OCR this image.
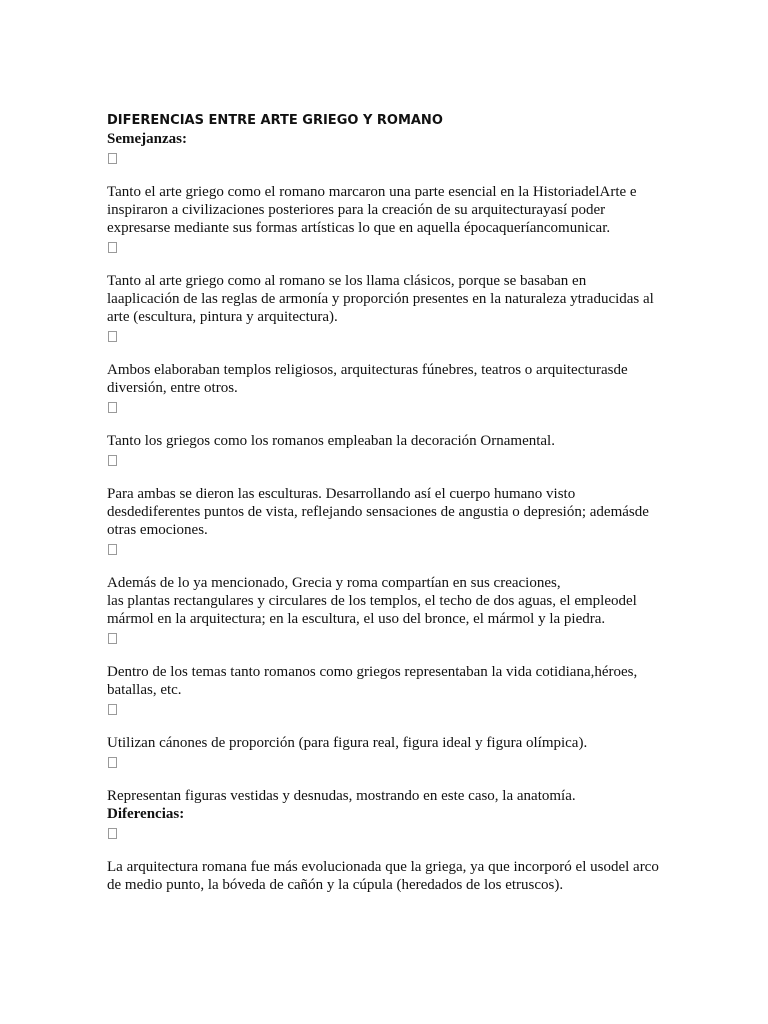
DIFERENCIAS ENTRE ARTE GRIEGO Y ROMANO

Semejanzas:

Tanto el arte griego como el romano marcaron una parte esencial en la HistoriadelArte e

inspiraron a civilizaciones posteriores para la creación de su arquitecturayasí poder

expresarse mediante sus formas artísticas lo que en aquella épocaqueríancomunicar.

Tanto al arte griego como al romano se los llama clásicos, porque se basaban en

laaplicación de las reglas de armonía y proporción presentes en la naturaleza ytraducidas al

arte (escultura, pintura y arquitectura).

Ambos elaboraban templos religiosos, arquitecturas fúnebres, teatros o arquitecturasde

diversión, entre otros.

Tanto los griegos como los romanos empleaban la decoración Ornamental.

Para ambas se dieron las esculturas. Desarrollando así el cuerpo humano visto

desdediferentes puntos de vista, reflejando sensaciones de angustia o depresión; ademásde

otras emociones.

Además de lo ya mencionado, Grecia y roma compartían en sus creaciones,

las plantas rectangulares y circulares de los templos, el techo de dos aguas, el empleodel

mármol en la arquitectura; en la escultura, el uso del bronce, el mármol y la piedra.

Dentro de los temas tanto romanos como griegos representaban la vida cotidiana,héroes,

batallas, etc.

Utilizan cánones de proporción (para figura real, figura ideal y figura olímpica).

Representan figuras vestidas y desnudas, mostrando en este caso, la anatomía.

Diferencias:

La arquitectura romana fue más evolucionada que la griega, ya que incorporó el usodel arco

de medio punto, la bóveda de cañón y la cúpula (heredados de los etruscos).
